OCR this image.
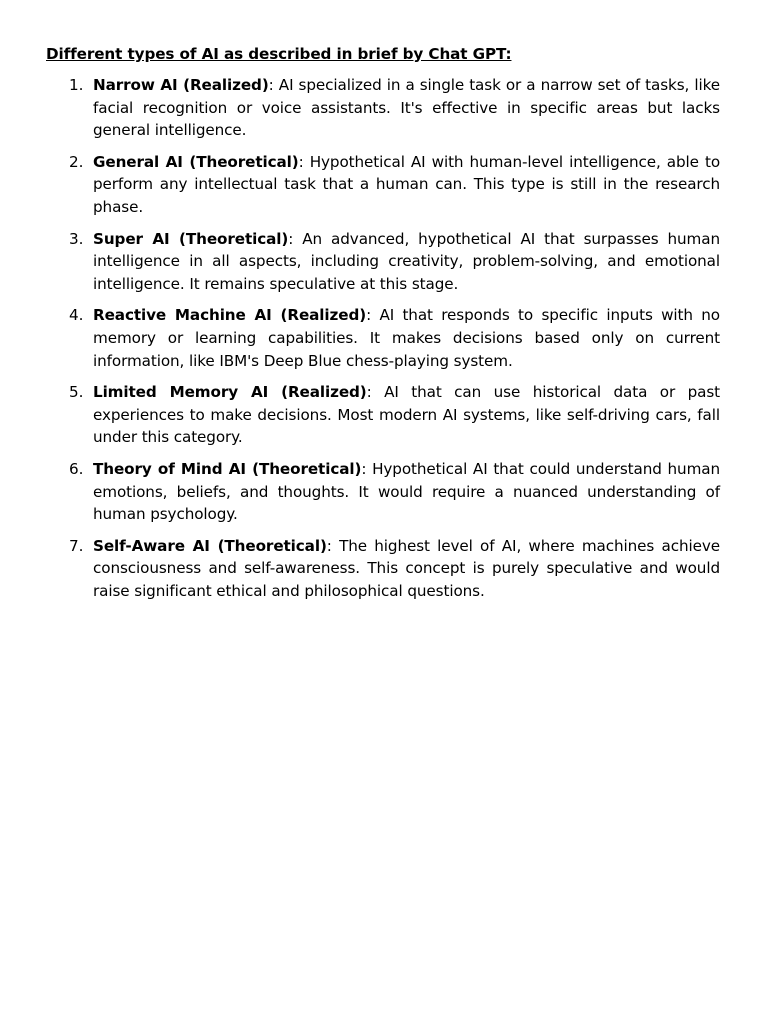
Different types of AI as described in brief by Chat GPT:
1. Narrow AI (Realized): AI specialized in a single task or a narrow set of tasks, like facial recognition or voice assistants. It's effective in specific areas but lacks general intelligence.
2. General AI (Theoretical): Hypothetical AI with human-level intelligence, able to perform any intellectual task that a human can. This type is still in the research phase.
3. Super AI (Theoretical): An advanced, hypothetical AI that surpasses human intelligence in all aspects, including creativity, problem-solving, and emotional intelligence. It remains speculative at this stage.
4. Reactive Machine AI (Realized): AI that responds to specific inputs with no memory or learning capabilities. It makes decisions based only on current information, like IBM's Deep Blue chess-playing system.
5. Limited Memory AI (Realized): AI that can use historical data or past experiences to make decisions. Most modern AI systems, like self-driving cars, fall under this category.
6. Theory of Mind AI (Theoretical): Hypothetical AI that could understand human emotions, beliefs, and thoughts. It would require a nuanced understanding of human psychology.
7. Self-Aware AI (Theoretical): The highest level of AI, where machines achieve consciousness and self-awareness. This concept is purely speculative and would raise significant ethical and philosophical questions.
